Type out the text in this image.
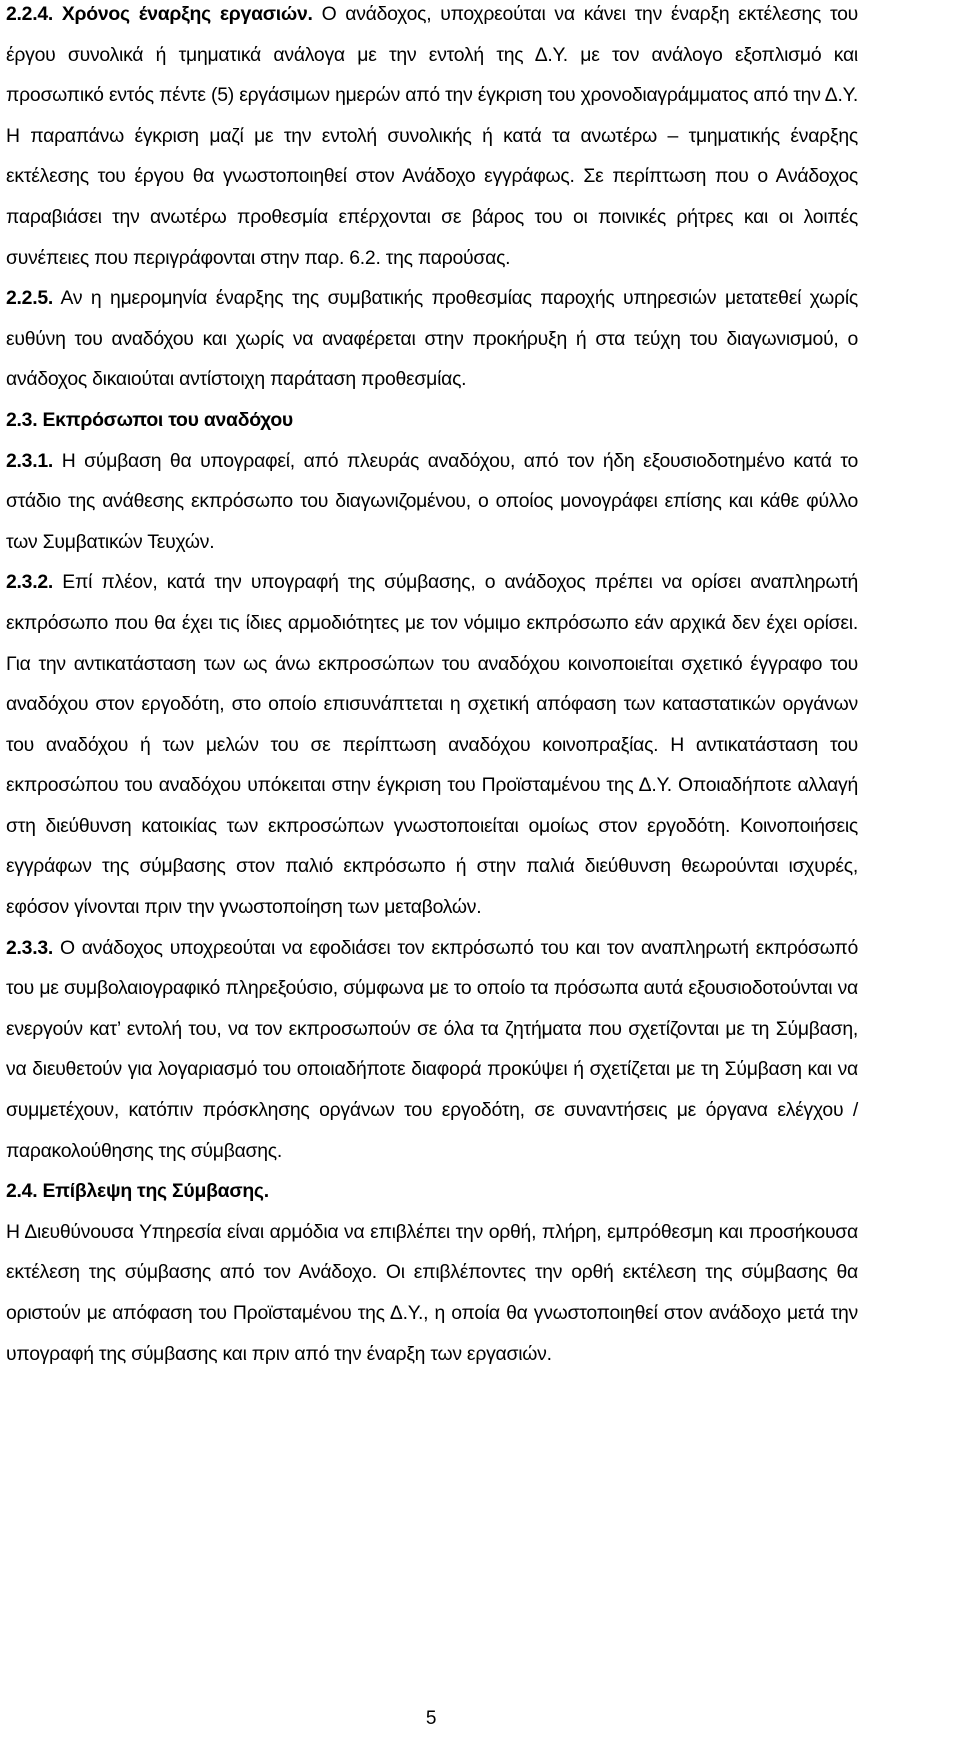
2.2.4. Χρόνος έναρξης εργασιών. Ο ανάδοχος, υποχρεούται να κάνει την έναρξη εκτέλεσης του έργου συνολικά ή τμηματικά ανάλογα με την εντολή της Δ.Υ. με τον ανάλογο εξοπλισμό και προσωπικό εντός πέντε (5) εργάσιμων ημερών από την έγκριση του χρονοδιαγράμματος από την Δ.Υ. Η παραπάνω έγκριση μαζί με την εντολή συνολικής ή κατά τα ανωτέρω – τμηματικής έναρξης εκτέλεσης του έργου θα γνωστοποιηθεί στον Ανάδοχο εγγράφως. Σε περίπτωση που ο Ανάδοχος παραβιάσει την ανωτέρω προθεσμία επέρχονται σε βάρος του οι ποινικές ρήτρες και οι λοιπές συνέπειες που περιγράφονται στην παρ. 6.2. της παρούσας.

2.2.5. Αν η ημερομηνία έναρξης της συμβατικής προθεσμίας παροχής υπηρεσιών μετατεθεί χωρίς ευθύνη του αναδόχου και χωρίς να αναφέρεται στην προκήρυξη ή στα τεύχη του διαγωνισμού, ο ανάδοχος δικαιούται αντίστοιχη παράταση προθεσμίας.

2.3. Εκπρόσωποι του αναδόχου

2.3.1. Η σύμβαση θα υπογραφεί, από πλευράς αναδόχου, από τον ήδη εξουσιοδοτημένο κατά το στάδιο της ανάθεσης εκπρόσωπο του διαγωνιζομένου, ο οποίος μονογράφει επίσης και κάθε φύλλο των Συμβατικών Τευχών.

2.3.2. Επί πλέον, κατά την υπογραφή της σύμβασης, ο ανάδοχος πρέπει να ορίσει αναπληρωτή εκπρόσωπο που θα έχει τις ίδιες αρμοδιότητες με τον νόμιμο εκπρόσωπο εάν αρχικά δεν έχει ορίσει. Για την αντικατάσταση των ως άνω εκπροσώπων του αναδόχου κοινοποιείται σχετικό έγγραφο του αναδόχου στον εργοδότη, στο οποίο επισυνάπτεται η σχετική απόφαση των καταστατικών οργάνων του αναδόχου ή των μελών του σε περίπτωση αναδόχου κοινοπραξίας. Η αντικατάσταση του εκπροσώπου του αναδόχου υπόκειται στην έγκριση του Προϊσταμένου της Δ.Υ. Οποιαδήποτε αλλαγή στη διεύθυνση κατοικίας των εκπροσώπων γνωστοποιείται ομοίως στον εργοδότη. Κοινοποιήσεις εγγράφων της σύμβασης στον παλιό εκπρόσωπο ή στην παλιά διεύθυνση θεωρούνται ισχυρές, εφόσον γίνονται πριν την γνωστοποίηση των μεταβολών.

2.3.3. Ο ανάδοχος υποχρεούται να εφοδιάσει τον εκπρόσωπό του και τον αναπληρωτή εκπρόσωπό του με συμβολαιογραφικό πληρεξούσιο, σύμφωνα με το οποίο τα πρόσωπα αυτά εξουσιοδοτούνται να ενεργούν κατ’ εντολή του, να τον εκπροσωπούν σε όλα τα ζητήματα που σχετίζονται με τη Σύμβαση, να διευθετούν για λογαριασμό του οποιαδήποτε διαφορά προκύψει ή σχετίζεται με τη Σύμβαση και να συμμετέχουν, κατόπιν πρόσκλησης οργάνων του εργοδότη, σε συναντήσεις με όργανα ελέγχου / παρακολούθησης της σύμβασης.

2.4. Επίβλεψη της Σύμβασης.

Η Διευθύνουσα Υπηρεσία είναι αρμόδια να επιβλέπει την ορθή, πλήρη, εμπρόθεσμη και προσήκουσα εκτέλεση της σύμβασης από τον Ανάδοχο. Οι επιβλέποντες την ορθή εκτέλεση της σύμβασης θα οριστούν με απόφαση του Προϊσταμένου της Δ.Υ., η οποία θα γνωστοποιηθεί στον ανάδοχο μετά την υπογραφή της σύμβασης και πριν από την έναρξη των εργασιών.

5
